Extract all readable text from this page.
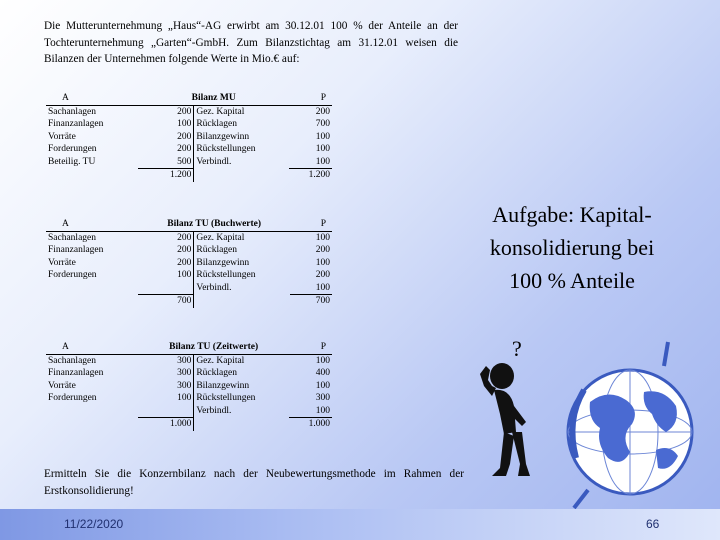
Die Mutterunternehmung „Haus“-AG erwirbt am 30.12.01 100 % der Anteile an der Tochterunternehmung „Garten“-GmbH. Zum Bilanzstichtag am 31.12.01 weisen die Bilanzen der Unternehmen folgende Werte in Mio.€ auf:
A	Bilanz MU		P
Sachanlagen	200	Gez. Kapital	200
Finanzanlagen	100	Rücklagen	700
Vorräte	200	Bilanzgewinn	100
Forderungen	200	Rückstellungen	100
Beteilig. TU	500	Verbindl.	100
	1.200		1.200
A	Bilanz TU (Buchwerte)		P
Sachanlagen	200	Gez. Kapital	100
Finanzanlagen	200	Rücklagen	200
Vorräte	200	Bilanzgewinn	100
Forderungen	100	Rückstellungen	200
		Verbindl.	100
	700		700
A	Bilanz TU (Zeitwerte)		P
Sachanlagen	300	Gez. Kapital	100
Finanzanlagen	300	Rücklagen	400
Vorräte	300	Bilanzgewinn	100
Forderungen	100	Rückstellungen	300
		Verbindl.	100
	1.000		1.000
Ermitteln Sie die Konzernbilanz nach der Neubewertungsmethode im Rahmen der Erstkonsolidierung!
Aufgabe: Kapital-
konsolidierung bei
100 % Anteile
?
11/22/2020	66
